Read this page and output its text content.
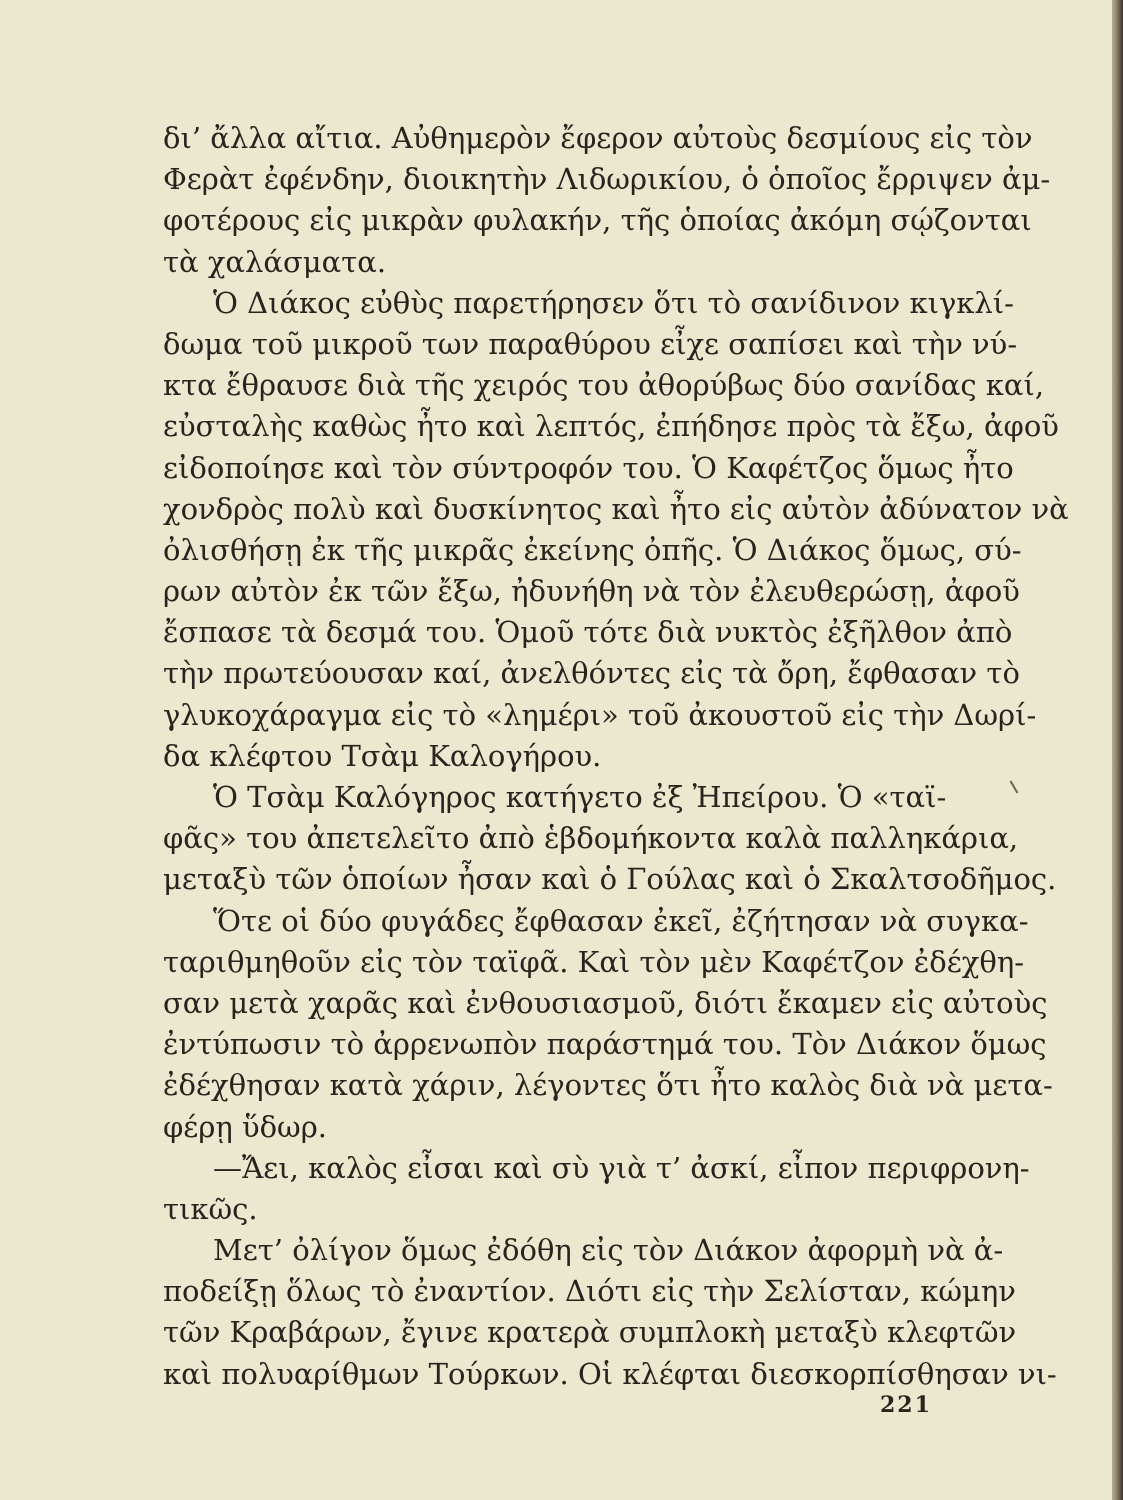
δι’ ἄλλα αἴτια. Αὐθημερὸν ἔφερον αὐτοὺς δεσμίους εἰς τὸν
Φερὰτ ἐφένδην, διοικητὴν Λιδωρικίου, ὁ ὁποῖος ἔρριψεν ἀμ-
φοτέρους εἰς μικρὰν φυλακήν, τῆς ὁποίας ἀκόμη σῴζονται
τὰ χαλάσματα.
Ὁ Διάκος εὐθὺς παρετήρησεν ὅτι τὸ σανίδινον κιγκλί-
δωμα τοῦ μικροῦ των παραθύρου εἶχε σαπίσει καὶ τὴν νύ-
κτα ἔθραυσε διὰ τῆς χειρός του ἀθορύβως δύο σανίδας καί,
εὐσταλὴς καθὼς ἦτο καὶ λεπτός, ἐπήδησε πρὸς τὰ ἔξω, ἀφοῦ
εἰδοποίησε καὶ τὸν σύντροφόν του. Ὁ Καφέτζος ὅμως ἦτο
χονδρὸς πολὺ καὶ δυσκίνητος καὶ ἦτο εἰς αὐτὸν ἀδύνατον νὰ
ὀλισθήσῃ ἐκ τῆς μικρᾶς ἐκείνης ὀπῆς. Ὁ Διάκος ὅμως, σύ-
ρων αὐτὸν ἐκ τῶν ἔξω, ἠδυνήθη νὰ τὸν ἐλευθερώσῃ, ἀφοῦ
ἔσπασε τὰ δεσμά του. Ὁμοῦ τότε διὰ νυκτὸς ἐξῆλθον ἀπὸ
τὴν πρωτεύουσαν καί, ἀνελθόντες εἰς τὰ ὄρη, ἔφθασαν τὸ
γλυκοχάραγμα εἰς τὸ «λημέρι» τοῦ ἀκουστοῦ εἰς τὴν Δωρί-
δα κλέφτου Τσὰμ Καλογήρου.
Ὁ Τσὰμ Καλόγηρος κατήγετο ἐξ Ἠπείρου. Ὁ «ταϊ-
φᾶς» του ἀπετελεῖτο ἀπὸ ἑβδομήκοντα καλὰ παλληκάρια,
μεταξὺ τῶν ὁποίων ἦσαν καὶ ὁ Γούλας καὶ ὁ Σκαλτσοδῆμος.
Ὅτε οἱ δύο φυγάδες ἔφθασαν ἐκεῖ, ἐζήτησαν νὰ συγκα-
ταριθμηθοῦν εἰς τὸν ταϊφᾶ. Καὶ τὸν μὲν Καφέτζον ἐδέχθη-
σαν μετὰ χαρᾶς καὶ ἐνθουσιασμοῦ, διότι ἔκαμεν εἰς αὐτοὺς
ἐντύπωσιν τὸ ἀρρενωπὸν παράστημά του. Τὸν Διάκον ὅμως
ἐδέχθησαν κατὰ χάριν, λέγοντες ὅτι ἦτο καλὸς διὰ νὰ μετα-
φέρῃ ὕδωρ.
—Ἄει, καλὸς εἶσαι καὶ σὺ γιὰ τ’ ἀσκί, εἶπον περιφρονη-
τικῶς.
Μετ’ ὀλίγον ὅμως ἐδόθη εἰς τὸν Διάκον ἀφορμὴ νὰ ἀ-
ποδείξῃ ὅλως τὸ ἐναντίον. Διότι εἰς τὴν Σελίσταν, κώμην
τῶν Κραβάρων, ἔγινε κρατερὰ συμπλοκὴ μεταξὺ κλεφτῶν
καὶ πολυαρίθμων Τούρκων. Οἱ κλέφται διεσκορπίσθησαν νι-
221
